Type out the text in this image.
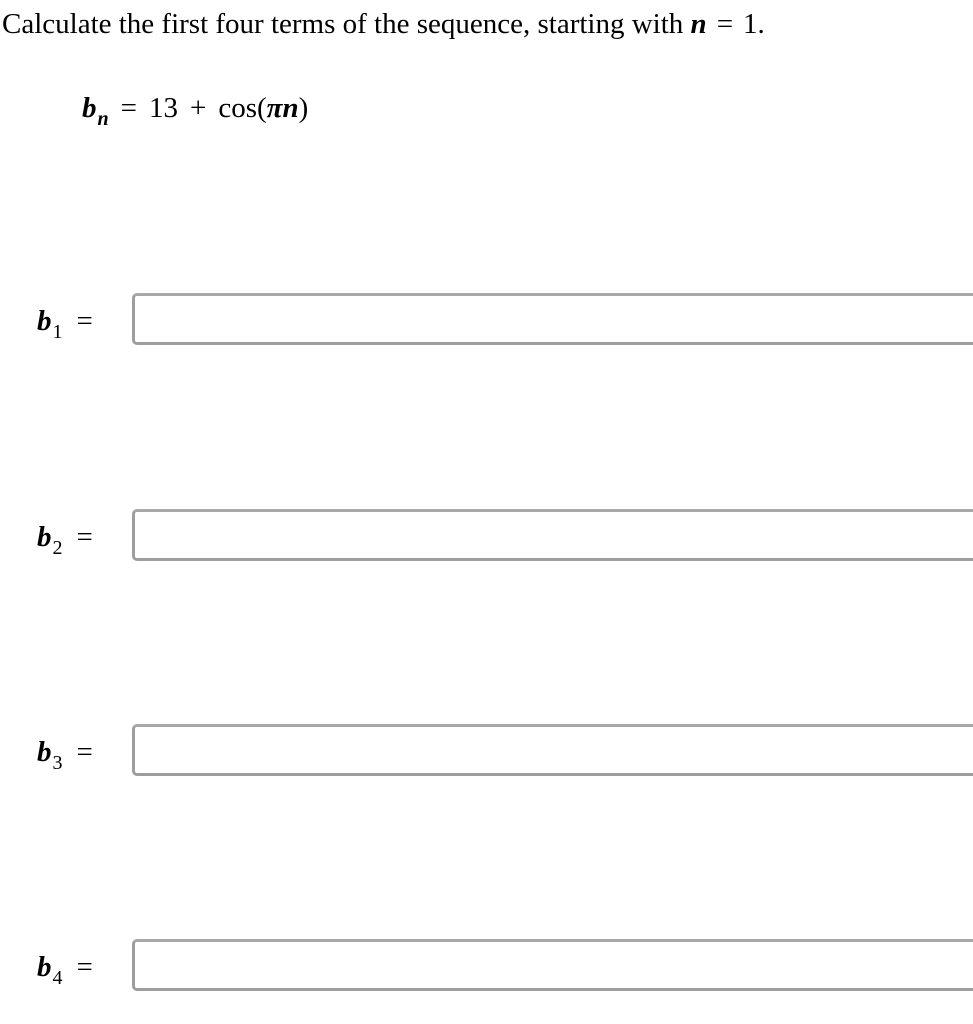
Calculate the first four terms of the sequence, starting with n = 1.
$b_n = 13 + \cos(\pi n)$
$b_1$ =
$b_2$ =
$b_3$ =
$b_4$ =
